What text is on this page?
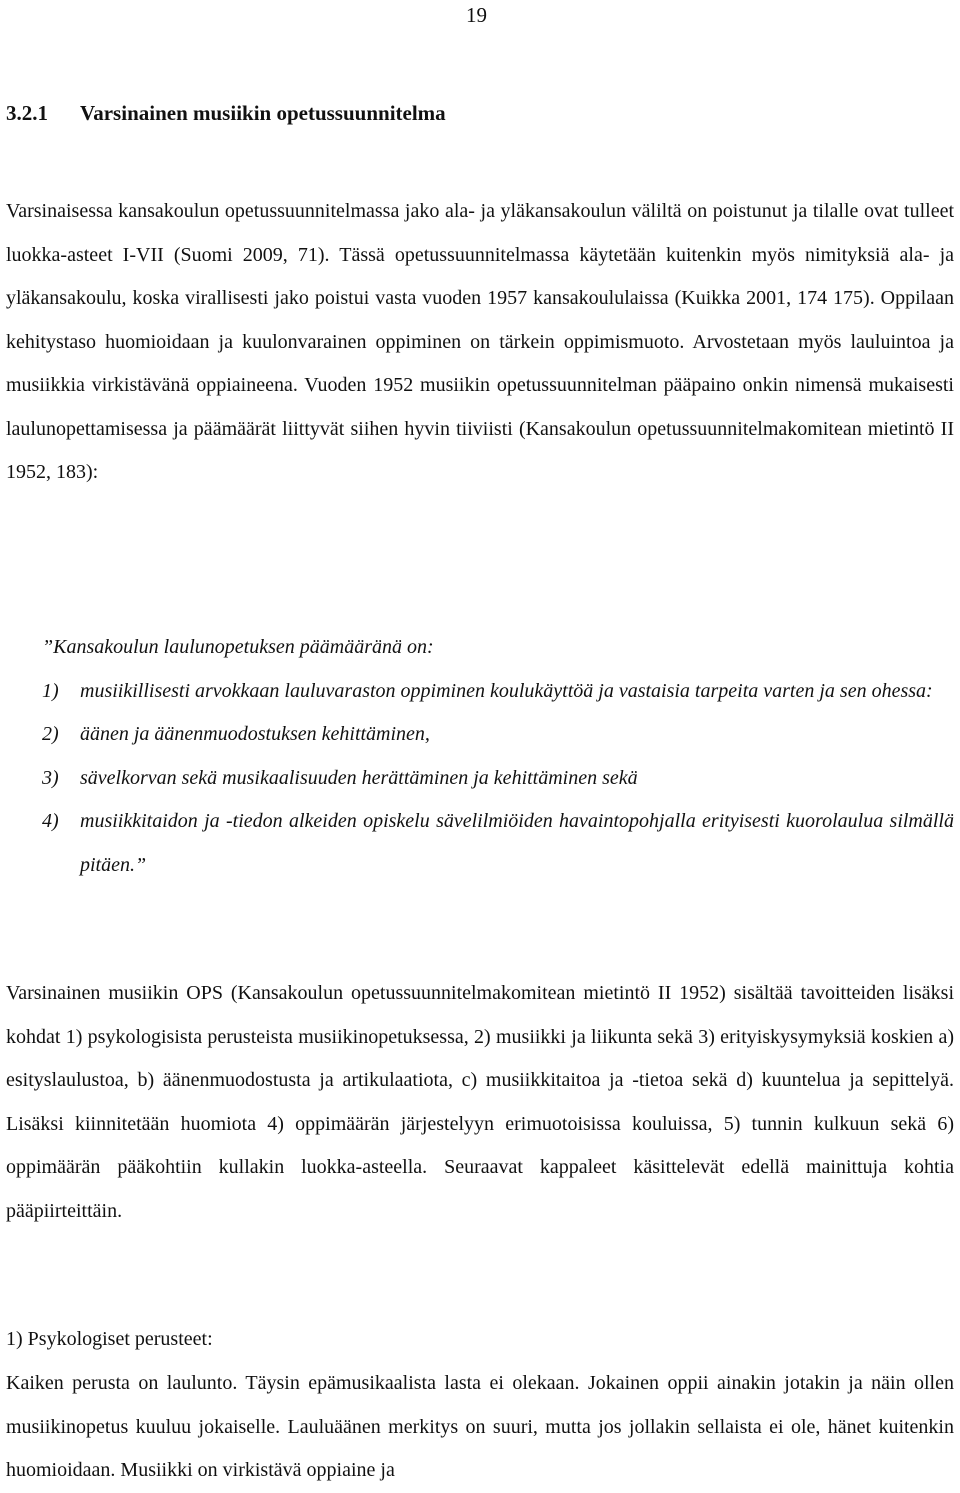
19
3.2.1 Varsinainen musiikin opetussuunnitelma

Varsinaisessa kansakoulun opetussuunnitelmassa jako ala- ja yläkansakoulun väliltä on poistunut ja tilalle ovat tulleet luokka-asteet I-VII (Suomi 2009, 71). Tässä opetussuunnitelmassa käytetään kuitenkin myös nimityksiä ala- ja yläkansakoulu, koska virallisesti jako poistui vasta vuoden 1957 kansakoululaissa (Kuikka 2001, 174 175). Oppilaan kehitystaso huomioidaan ja kuulonvarainen oppiminen on tärkein oppimismuoto. Arvostetaan myös lauluintoa ja musiikkia virkistävänä oppiaineena. Vuoden 1952 musiikin opetussuunnitelman pääpaino onkin nimensä mukaisesti laulunopettamisessa ja päämäärät liittyvät siihen hyvin tiiviisti (Kansakoulun opetussuunnitelmakomitean mietintö II 1952, 183):

”Kansakoulun laulunopetuksen päämääränä on:
1) musiikillisesti arvokkaan lauluvaraston oppiminen koulukäyttöä ja vastaisia tarpeita varten ja sen ohessa:
2) äänen ja äänenmuodostuksen kehittäminen,
3) sävelkorvan sekä musikaalisuuden herättäminen ja kehittäminen sekä
4) musiikkitaidon ja -tiedon alkeiden opiskelu sävelilmiöiden havaintopohjalla erityisesti kuorolaulua silmällä pitäen.”

Varsinainen musiikin OPS (Kansakoulun opetussuunnitelmakomitean mietintö II 1952) sisältää tavoitteiden lisäksi kohdat 1) psykologisista perusteista musiikinopetuksessa, 2) musiikki ja liikunta sekä 3) erityiskysymyksiä koskien a) esityslaulustoa, b) äänenmuodostusta ja artikulaatiota, c) musiikkitaitoa ja -tietoa sekä d) kuuntelua ja sepittelyä. Lisäksi kiinnitetään huomiota 4) oppimäärän järjestelyyn erimuotoisissa kouluissa, 5) tunnin kulkuun sekä 6) oppimäärän pääkohtiin kullakin luokka-asteella. Seuraavat kappaleet käsittelevät edellä mainittuja kohtia pääpiirteittäin.

1) Psykologiset perusteet:

Kaiken perusta on laulunto. Täysin epämusikaalista lasta ei olekaan. Jokainen oppii ainakin jotakin ja näin ollen musiikinopetus kuuluu jokaiselle. Lauluäänen merkitys on suuri, mutta jos jollakin sellaista ei ole, hänet kuitenkin huomioidaan. Musiikki on virkistävä oppiaine ja
